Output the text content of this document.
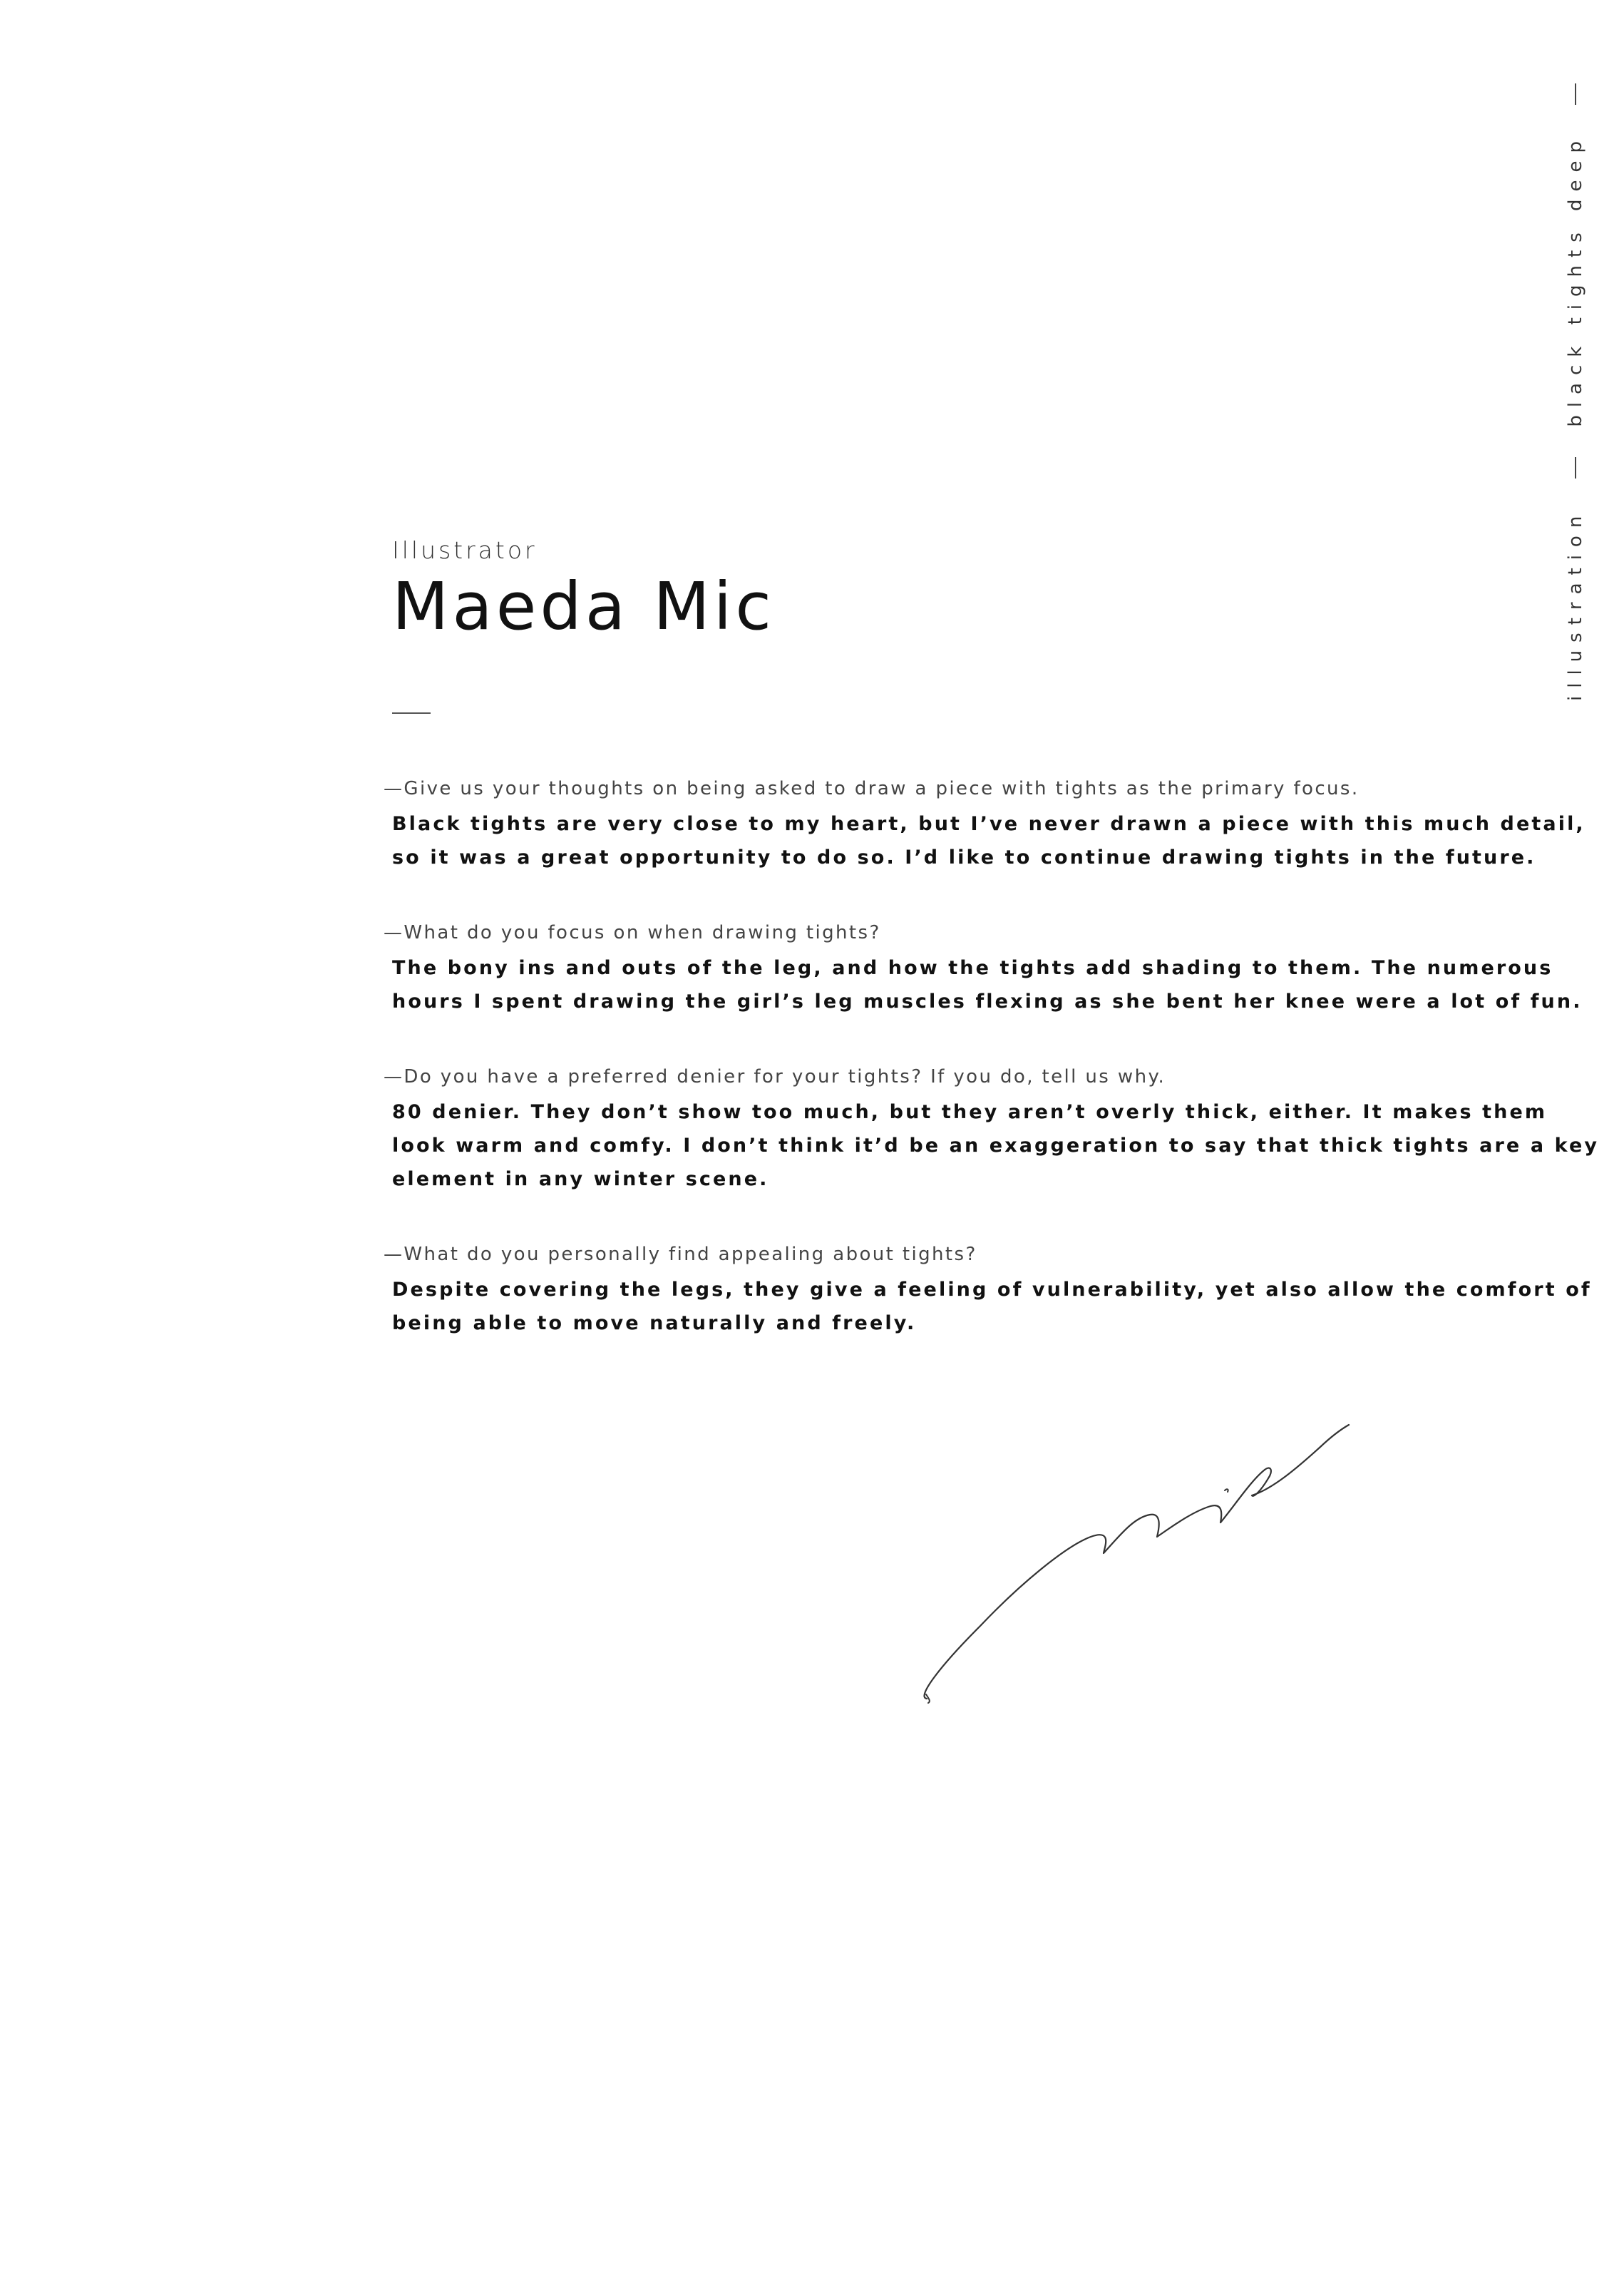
illustration
black tights deep
Illustrator
Maeda Mic
—Give us your thoughts on being asked to draw a piece with tights as the primary focus.
Black tights are very close to my heart, but I’ve never drawn a piece with this much detail,
so it was a great opportunity to do so. I’d like to continue drawing tights in the future.
—What do you focus on when drawing tights?
The bony ins and outs of the leg, and how the tights add shading to them. The numerous
hours I spent drawing the girl’s leg muscles flexing as she bent her knee were a lot of fun.
—Do you have a preferred denier for your tights? If you do, tell us why.
80 denier. They don’t show too much, but they aren’t overly thick, either. It makes them
look warm and comfy. I don’t think it’d be an exaggeration to say that thick tights are a key
element in any winter scene.
—What do you personally find appealing about tights?
Despite covering the legs, they give a feeling of vulnerability, yet also allow the comfort of
being able to move naturally and freely.
